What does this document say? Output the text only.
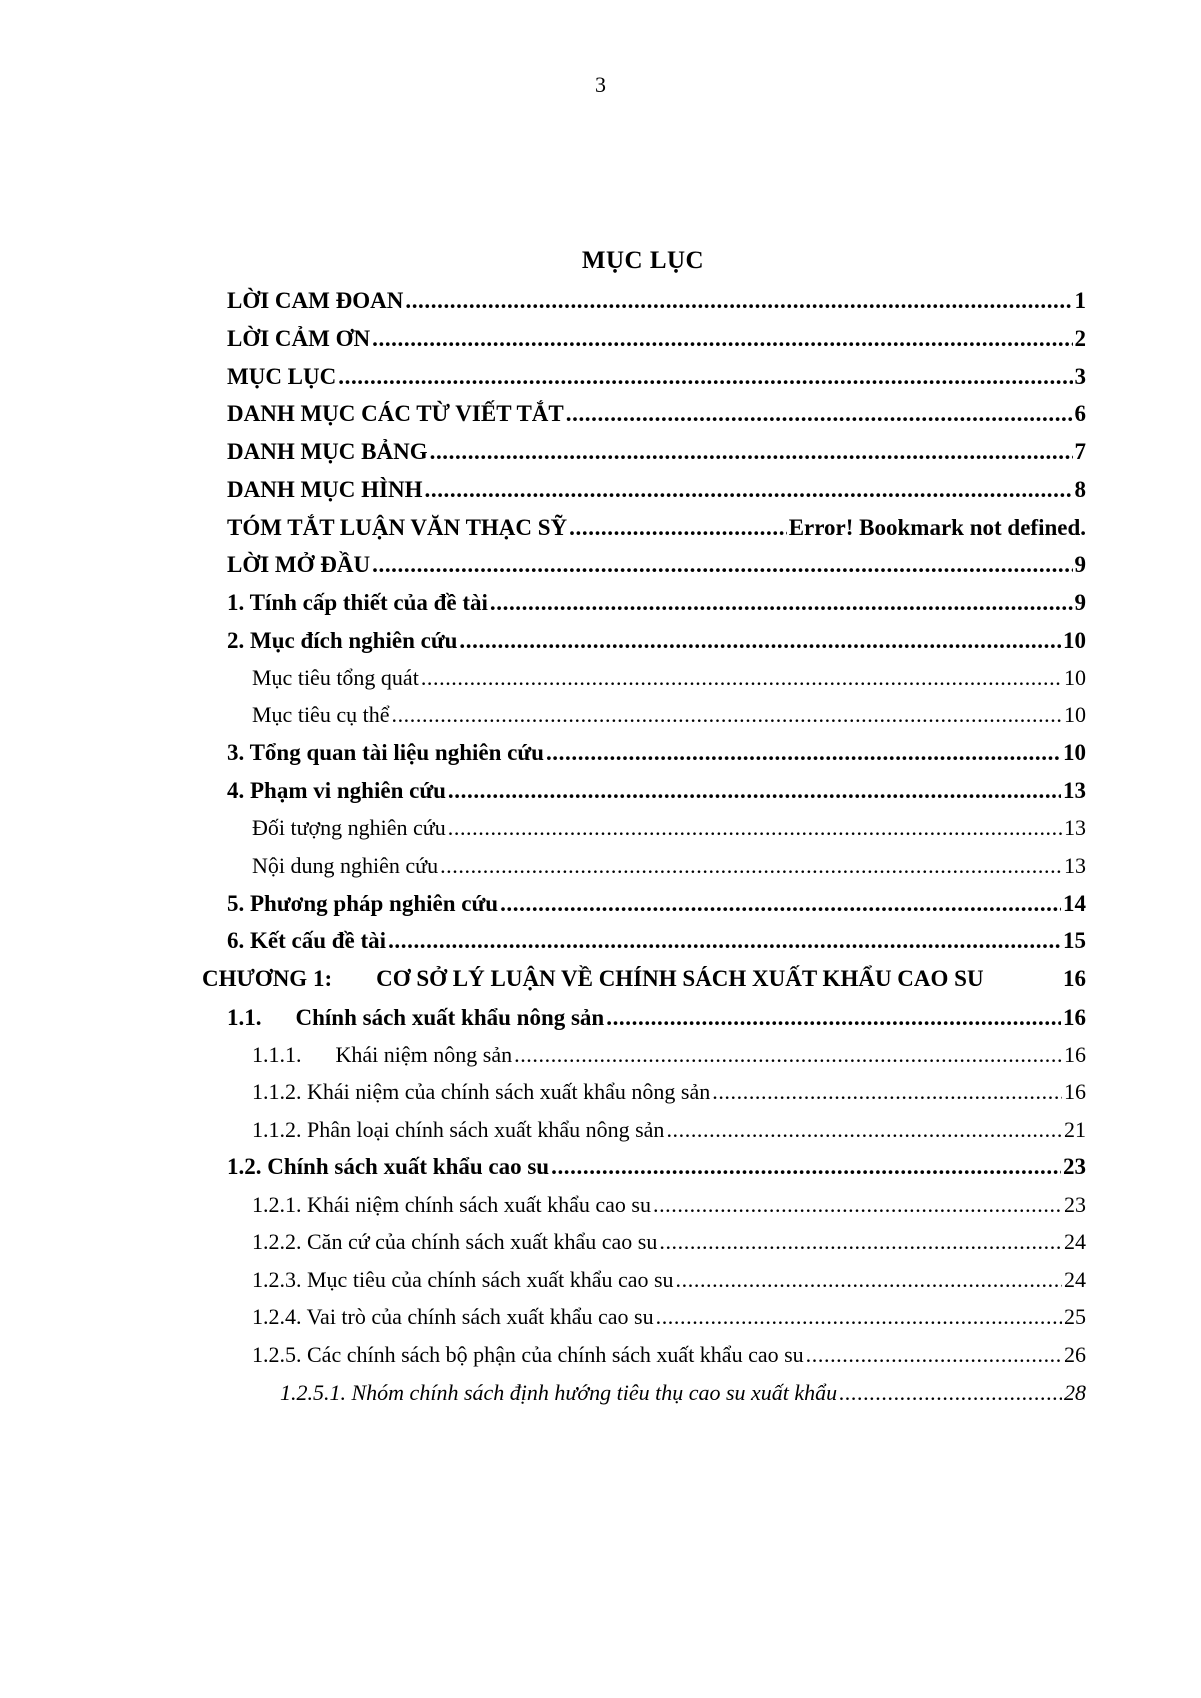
3
MỤC LỤC
LỜI CAM ĐOAN .....	1
LỜI CẢM ƠN .....	2
MỤC LỤC .....	3
DANH MỤC CÁC TỪ VIẾT TẮT .....	6
DANH MỤC BẢNG .....	7
DANH MỤC HÌNH .....	8
TÓM TẮT LUẬN VĂN THẠC SỸ .....	Error! Bookmark not defined.
LỜI MỞ ĐẦU .....	9
1. Tính cấp thiết của đề tài .....	9
2. Mục đích nghiên cứu .....	10
Mục tiêu tổng quát .....	10
Mục tiêu cụ thể .....	10
3. Tổng quan tài liệu nghiên cứu .....	10
4. Phạm vi nghiên cứu .....	13
Đối tượng nghiên cứu .....	13
Nội dung nghiên cứu .....	13
5. Phương pháp nghiên cứu .....	14
6. Kết cấu đề tài .....	15
CHƯƠNG 1: CƠ SỞ LÝ LUẬN VỀ CHÍNH SÁCH XUẤT KHẨU CAO SU	16
1.1. Chính sách xuất khẩu nông sản .....	16
1.1.1. Khái niệm nông sản .....	16
1.1.2. Khái niệm của chính sách xuất khẩu nông sản .....	16
1.1.2. Phân loại chính sách xuất khẩu nông sản .....	21
1.2. Chính sách xuất khẩu cao su .....	23
1.2.1. Khái niệm chính sách xuất khẩu cao su .....	23
1.2.2. Căn cứ của chính sách xuất khẩu cao su .....	24
1.2.3. Mục tiêu của chính sách xuất khẩu cao su .....	24
1.2.4. Vai trò của chính sách xuất khẩu cao su .....	25
1.2.5. Các chính sách bộ phận của chính sách xuất khẩu cao su .....	26
1.2.5.1. Nhóm chính sách định hướng tiêu thụ cao su xuất khẩu .....	28
